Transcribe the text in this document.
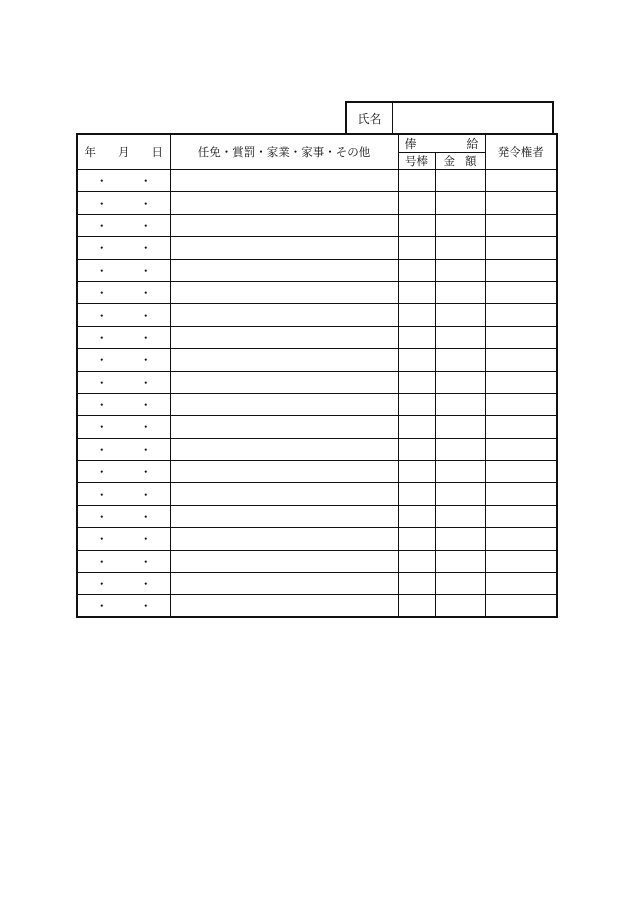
氏名
年 月 日	任免・賞罰・家業・家事・その他	俸 給		発令権者
		号棒	金 額	
・ ・				
・ ・				
・ ・				
・ ・				
・ ・				
・ ・				
・ ・				
・ ・				
・ ・				
・ ・				
・ ・				
・ ・				
・ ・				
・ ・				
・ ・				
・ ・				
・ ・				
・ ・				
・ ・				
・ ・				
